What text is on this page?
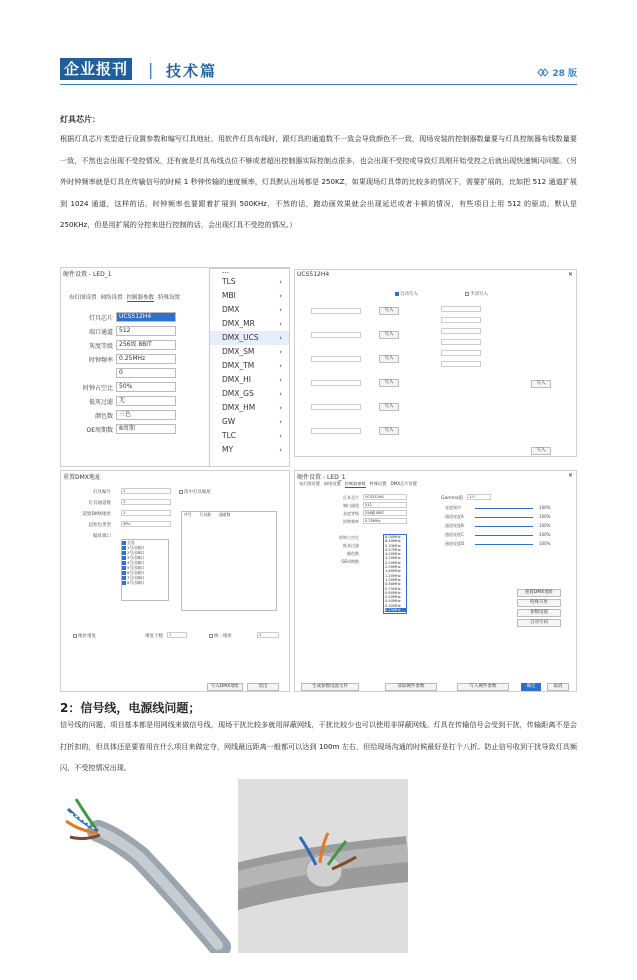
企业报刊 | 技术篇	28 版
灯具芯片：
根据灯具芯片类型进行设置参数和编写灯具地址，用软件灯具布线时，跟灯具的通道数不一致会导致颜色不一致，现场安装的控制器数量要与灯具控制器布线数量要一致，不然也会出现不受控情况，还有就是灯具布线点位不够或者超出控制器实际控制点很多，也会出现不受控或导致灯具刚开始受控之后就出现快速频闪问题。（另外时钟频率就是灯具在传输信号的时候 1 秒钟传输的速度频率，灯具默认出场都是 250KZ，如果现场灯具带的比较多的情况下，需要扩展的，比如把 512 通道扩展到 1024 通道，这样的话，时钟频率也要跟着扩展到 500KHz，不然的话，跑动画效果就会出现延迟或者卡顿的情况，有些项目上用 512 的驱动，默认是 250KHz，但是用扩展的分控来进行控制的话，会出现灯具不受控的情况。）
硬件设置 - LED_1
布灯图设置 网络设置 控制器参数 特殊设置
灯具芯片	UCS512H4
端口通道	512
灰度等级	256级 8BIT
时钟频率	0.25MHz
0
时钟占空比	50%
低灰过滤	无
颜色数	三色
OE周期数	8周期
...
TLS	›
MBI	›
DMX	›
DMX_MR	›
DMX_UCS	›
DMX_SM	›
DMX_TM	›
DMX_HI	›
DMX_GS	›
DMX_HM	›
GW	›
TLC	›
MY	›
UCS512H4	✕
自动写入	手动写入
写入
写入
写入
写入
写入
写入
写入
写入
重置DMX地址
灯具编号	1
灯具通道数	3
起始DMX地址	1
起始包类型	SPin
编址端口
选中灯具编址
全选
1号出端口
2号出端口
3号出端口
4号出端口
5号出端口
6号出端口
7号出端口
8号出端口
序号 灯具数 通道数
地址重复	重复个数	1	统一地址	1
写入DMX地址	退出
硬件设置 - LED_1	✕
布灯图设置 网络设置 控制器参数 特殊设置 DMX芯片设置
灯具芯片	UCS512H4
端口通道	512
灰度等级	256级 8BIT
时钟频率	0.25MHz
时钟占空比
低灰过滤
颜色数
OE周期数
8.00MHz
6.40MHz
5.33MHz
4.57MHz
4.00MHz
3.20MHz
2.50MHz
2.00MHz
1.60MHz
1.20MHz
1.00MHz
0.80MHz
0.75MHz
0.60MHz
0.50MHz
0.40MHz
0.32MHz
0.25MHz
Gamma值	1.0
亮度调节	100%
通道亮度A	100%
通道亮度B	100%
通道亮度C	100%
通道亮度D	100%
重置DMX地址
特殊写址
参数设置
自动写码
生成参数设置文件	读取硬件参数	写入硬件参数	确定	取消
2：信号线，电源线问题；
信号线的问题，项目基本都是用网线来做信号线，现场干扰比较多就用屏蔽网线，干扰比较少也可以使用非屏蔽网线。灯具在传输信号会受到干扰，传输距离不是会打折扣的，但具体还是要看用在什么项目来做定夺，网线最远距离一般都可以达到 100m 左右，但给现场沟通的时候最好是打个八折。防止信号收到干扰导致灯具频闪，不受控情况出现。
